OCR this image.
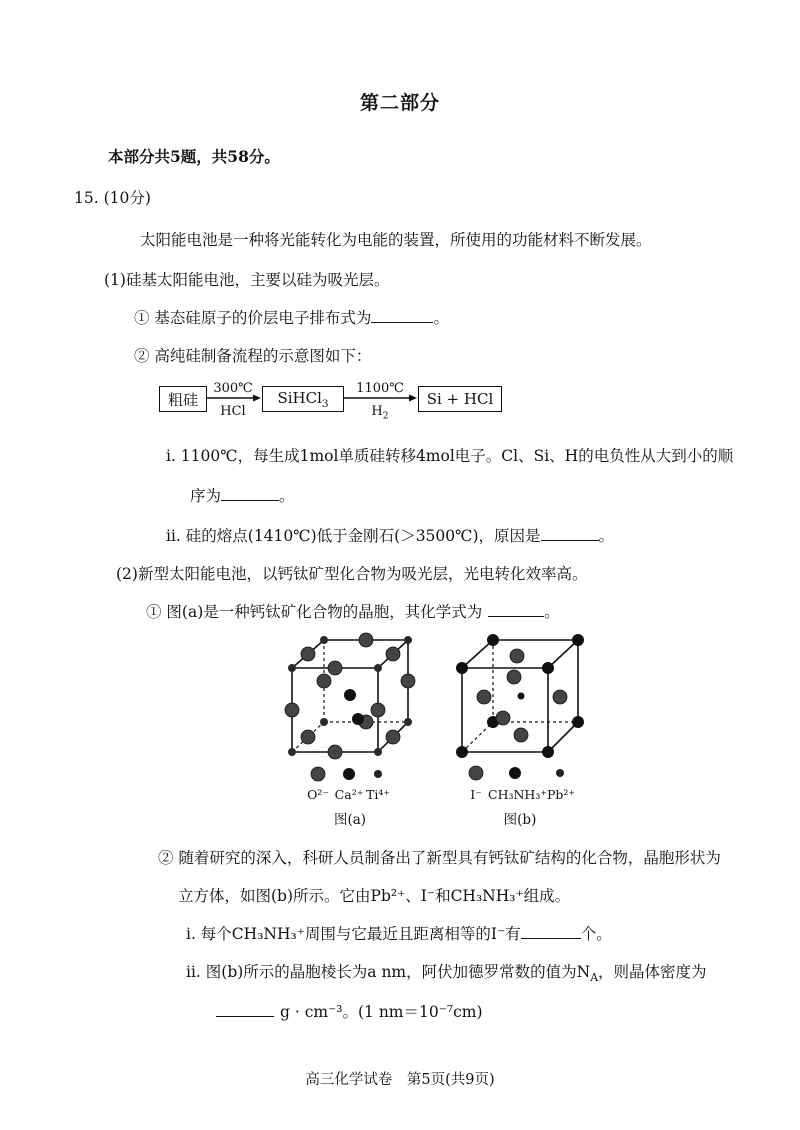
第二部分
本部分共5题，共58分。
15. (10分)
太阳能电池是一种将光能转化为电能的装置，所使用的功能材料不断发展。
(1)硅基太阳能电池，主要以硅为吸光层。
① 基态硅原子的价层电子排布式为	。
② 高纯硅制备流程的示意图如下：
粗硅
300℃
HCl
SiHCl$_3$
1100℃
$H_2$
Si + HCl
ⅰ. 1100℃，每生成1mol单质硅转移4mol电子。Cl、Si、H的电负性从大到小的顺
序为	。
ⅱ. 硅的熔点(1410℃)低于金刚石(＞3500℃)，原因是	。
(2)新型太阳能电池，以钙钛矿型化合物为吸光层，光电转化效率高。
① 图(a)是一种钙钛矿化合物的晶胞，其化学式为	。
O²⁻ Ca²⁺ Ti⁴⁺
图(a)
I⁻ CH₃NH₃⁺ Pb²⁺
图(b)
② 随着研究的深入，科研人员制备出了新型具有钙钛矿结构的化合物，晶胞形状为
立方体，如图(b)所示。它由Pb²⁺、I⁻和CH₃NH₃⁺组成。
ⅰ. 每个CH₃NH₃⁺周围与它最近且距离相等的I⁻有	个。
ⅱ. 图(b)所示的晶胞棱长为a nm，阿伏加德罗常数的值为$N_A$，则晶体密度为
g · cm⁻³。(1 nm＝10⁻⁷cm)
高三化学试卷　第5页(共9页)
